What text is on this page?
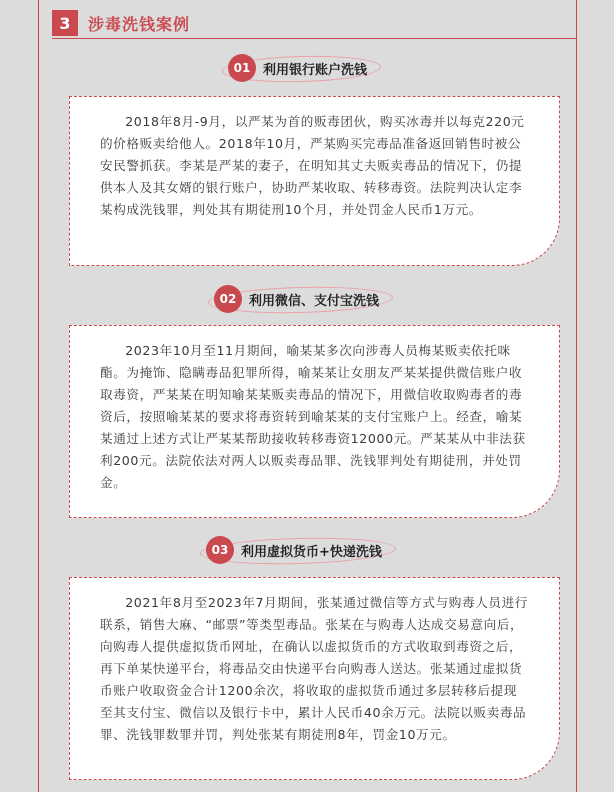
3	涉毒洗钱案例
01 利用银行账户洗钱

2018年8月-9月，以严某为首的贩毒团伙，购买冰毒并以每克220元的价格贩卖给他人。2018年10月，严某购买完毒品准备返回销售时被公安民警抓获。李某是严某的妻子，在明知其丈夫贩卖毒品的情况下，仍提供本人及其女婿的银行账户，协助严某收取、转移毒资。法院判决认定李某构成洗钱罪，判处其有期徒刑10个月，并处罚金人民币1万元。

02 利用微信、支付宝洗钱

2023年10月至11月期间，喻某某多次向涉毒人员梅某贩卖依托咪酯。为掩饰、隐瞒毒品犯罪所得，喻某某让女朋友严某某提供微信账户收取毒资，严某某在明知喻某某贩卖毒品的情况下，用微信收取购毒者的毒资后，按照喻某某的要求将毒资转到喻某某的支付宝账户上。经查，喻某某通过上述方式让严某某帮助接收转移毒资12000元。严某某从中非法获利200元。法院依法对两人以贩卖毒品罪、洗钱罪判处有期徒刑，并处罚金。

03 利用虚拟货币+快递洗钱

2021年8月至2023年7月期间，张某通过微信等方式与购毒人员进行联系，销售大麻、“邮票”等类型毒品。张某在与购毒人达成交易意向后，向购毒人提供虚拟货币网址，在确认以虚拟货币的方式收取到毒资之后，再下单某快递平台，将毒品交由快递平台向购毒人送达。张某通过虚拟货币账户收取资金合计1200余次，将收取的虚拟货币通过多层转移后提现至其支付宝、微信以及银行卡中，累计人民币40余万元。法院以贩卖毒品罪、洗钱罪数罪并罚，判处张某有期徒刑8年，罚金10万元。
